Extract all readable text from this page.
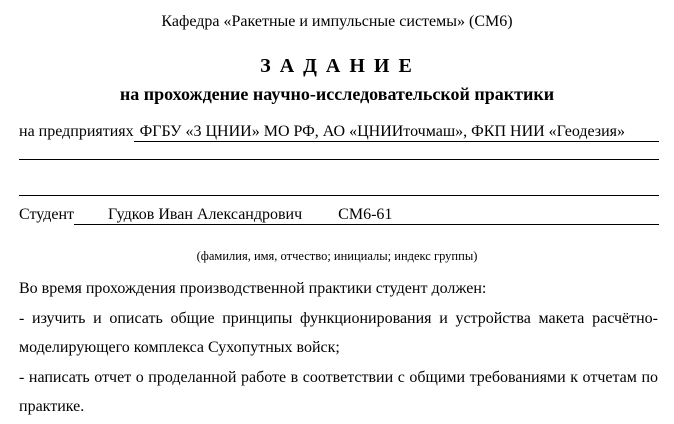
Кафедра «Ракетные и импульсные системы» (СМ6)
З А Д А Н И Е
на прохождение научно-исследовательской практики
на предприятиях ФГБУ «3 ЦНИИ» МО РФ, АО «ЦНИИточмаш», ФКП НИИ «Геодезия»
Студент	Гудков Иван Александрович СМ6-61
(фамилия, имя, отчество; инициалы; индекс группы)
Во время прохождения производственной практики студент должен:
- изучить и описать общие принципы функционирования и устройства макета расчётно-
моделирующего комплекса Сухопутных войск;
- написать отчет о проделанной работе в соответствии с общими требованиями к отчетам по
практике.
